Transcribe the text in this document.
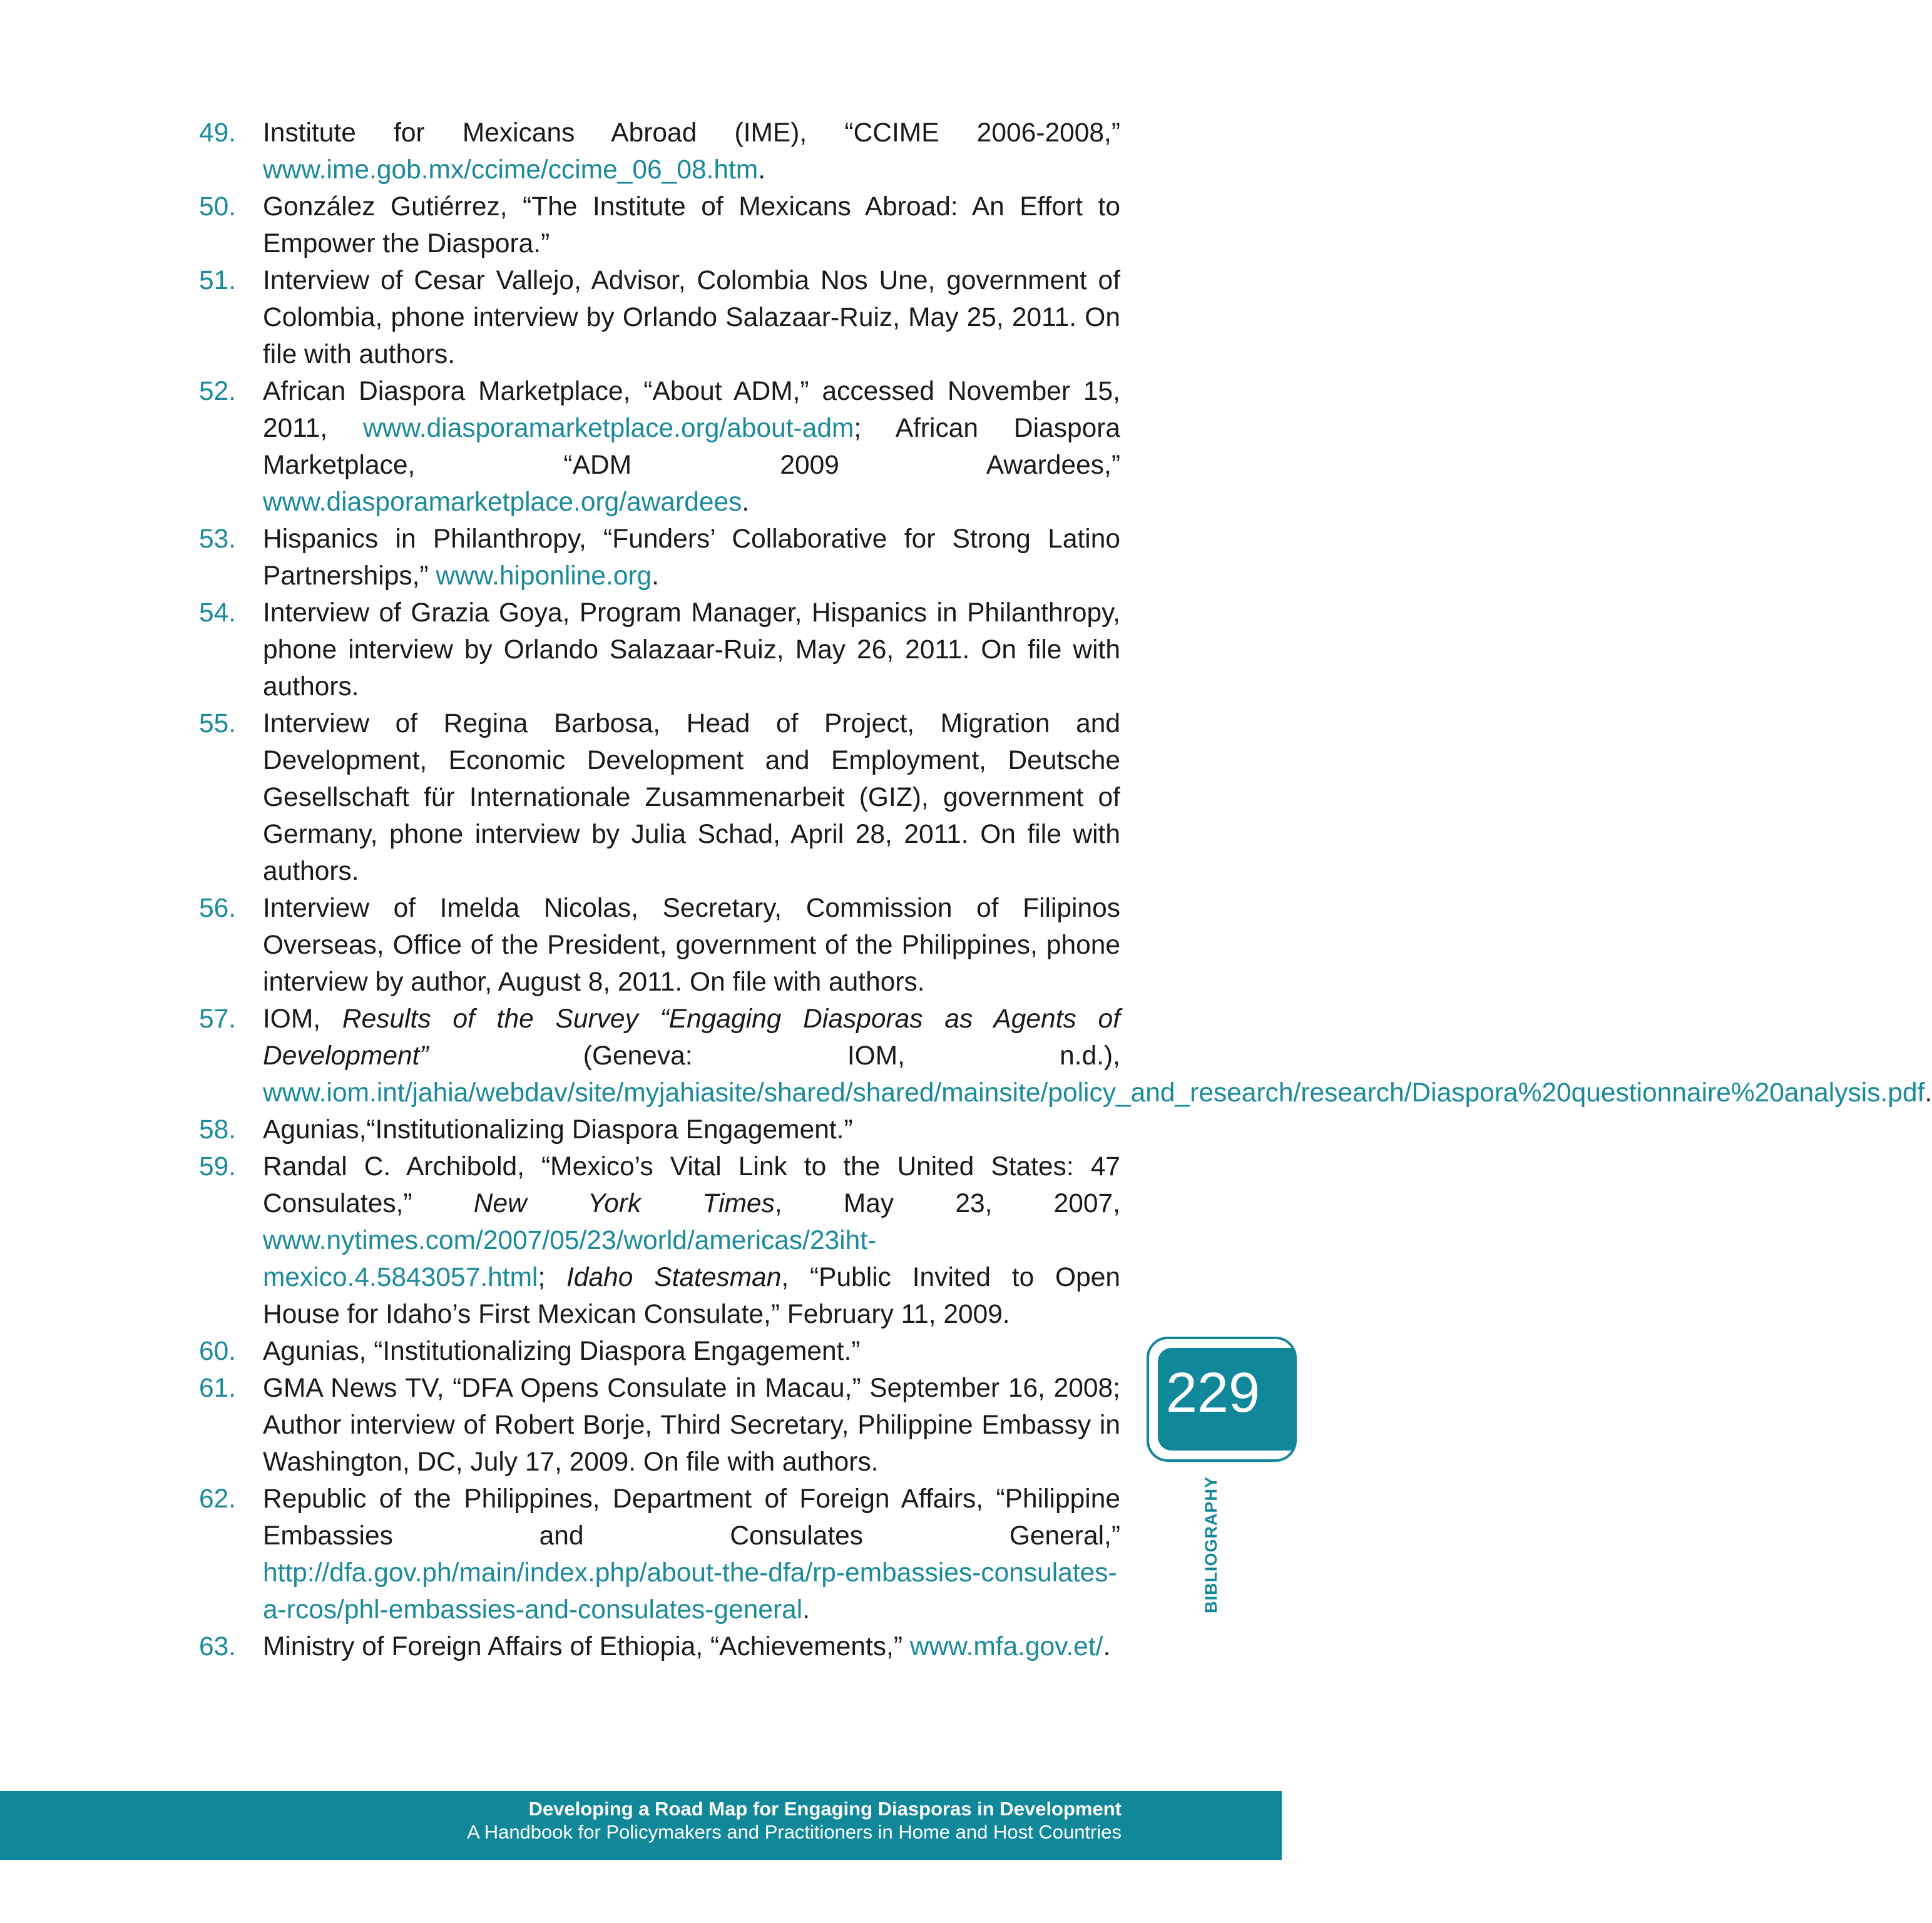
49. Institute for Mexicans Abroad (IME), “CCIME 2006-2008,” www.ime.gob.mx/ccime/ccime_06_08.htm.
50. González Gutiérrez, “The Institute of Mexicans Abroad: An Effort to Empower the Diaspora.”
51. Interview of Cesar Vallejo, Advisor, Colombia Nos Une, government of Colombia, phone interview by Orlando Salazaar-Ruiz, May 25, 2011. On file with authors.
52. African Diaspora Marketplace, “About ADM,” accessed November 15, 2011, www.diasporamarketplace.org/about-adm; African Diaspora Marketplace, “ADM 2009 Awardees,” www.diasporamarketplace.org/awardees.
53. Hispanics in Philanthropy, “Funders’ Collaborative for Strong Latino Partnerships,” www.hiponline.org.
54. Interview of Grazia Goya, Program Manager, Hispanics in Philanthropy, phone interview by Orlando Salazaar-Ruiz, May 26, 2011. On file with authors.
55. Interview of Regina Barbosa, Head of Project, Migration and Development, Economic Development and Employment, Deutsche Gesellschaft für Internationale Zusammenarbeit (GIZ), government of Germany, phone interview by Julia Schad, April 28, 2011. On file with authors.
56. Interview of Imelda Nicolas, Secretary, Commission of Filipinos Overseas, Office of the President, government of the Philippines, phone interview by author, August 8, 2011. On file with authors.
57. IOM, Results of the Survey “Engaging Diasporas as Agents of Development” (Geneva: IOM, n.d.), www.iom.int/jahia/webdav/site/myjahiasite/shared/shared/mainsite/policy_and_research/research/Diaspora%20questionnaire%20analysis.pdf.
58. Agunias,“Institutionalizing Diaspora Engagement.”
59. Randal C. Archibold, “Mexico’s Vital Link to the United States: 47 Consulates,” New York Times, May 23, 2007, www.nytimes.com/2007/05/23/world/americas/23iht-mexico.4.5843057.html; Idaho Statesman, “Public Invited to Open House for Idaho’s First Mexican Consulate,” February 11, 2009.
60. Agunias, “Institutionalizing Diaspora Engagement.”
61. GMA News TV, “DFA Opens Consulate in Macau,” September 16, 2008; Author interview of Robert Borje, Third Secretary, Philippine Embassy in Washington, DC, July 17, 2009. On file with authors.
62. Republic of the Philippines, Department of Foreign Affairs, “Philippine Embassies and Consulates General,” http://dfa.gov.ph/main/index.php/about-the-dfa/rp-embassies-consulates-a-rcos/phl-embassies-and-consulates-general.
63. Ministry of Foreign Affairs of Ethiopia, “Achievements,” www.mfa.gov.et/.
229
BIBLIOGRAPHY
Developing a Road Map for Engaging Diasporas in Development
A Handbook for Policymakers and Practitioners in Home and Host Countries
